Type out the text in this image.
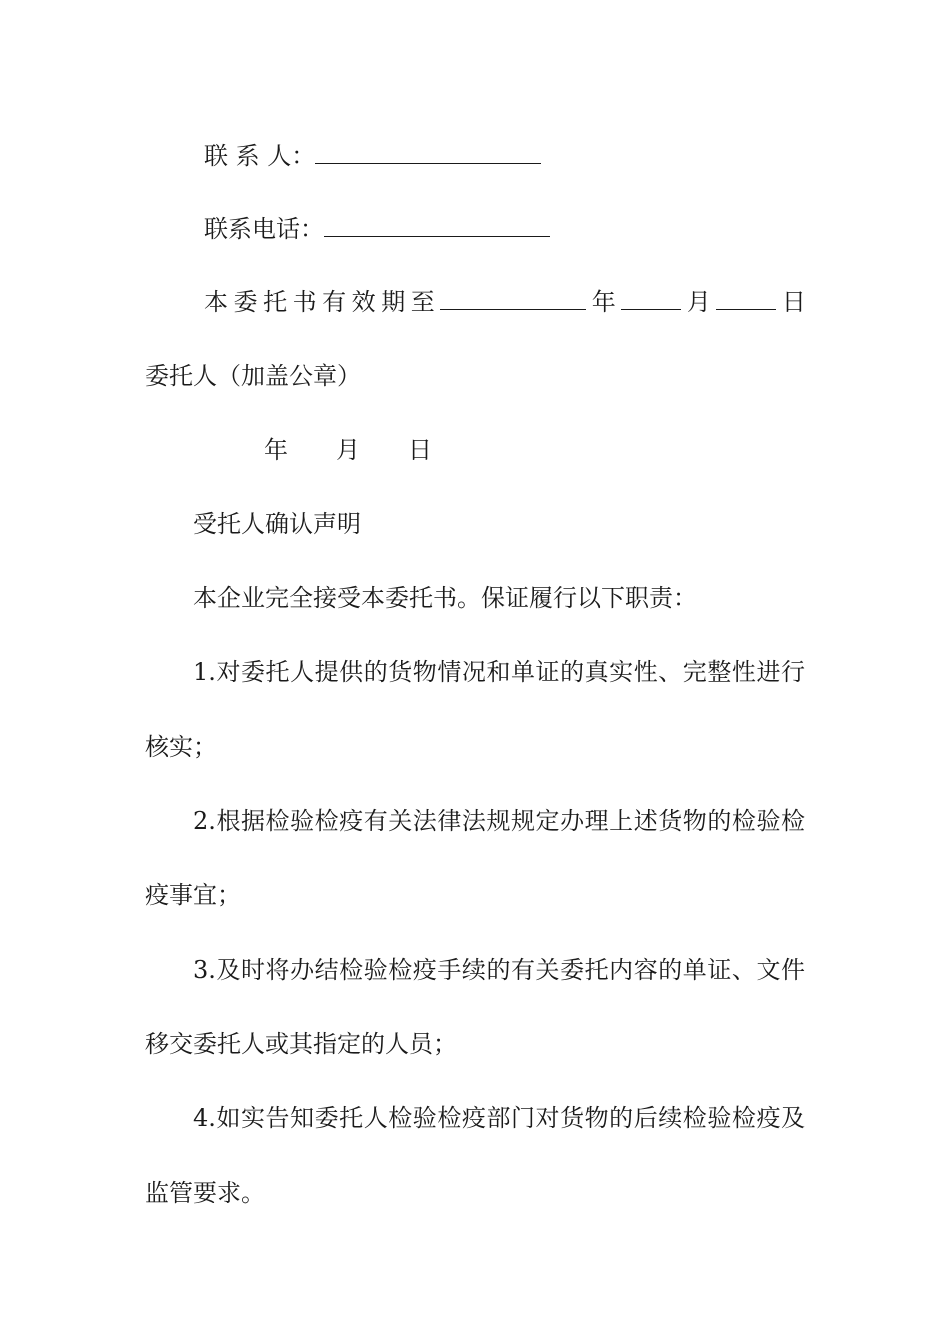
联 系 人：
联系电话：
本 委 托 书 有 效 期 至	年	月	日
委托人（加盖公章）
年 月 日
受托人确认声明
本企业完全接受本委托书。保证履行以下职责：
1.对委托人提供的货物情况和单证的真实性、完整性进行
核实；
2.根据检验检疫有关法律法规规定办理上述货物的检验检
疫事宜；
3.及时将办结检验检疫手续的有关委托内容的单证、文件
移交委托人或其指定的人员；
4.如实告知委托人检验检疫部门对货物的后续检验检疫及
监管要求。
